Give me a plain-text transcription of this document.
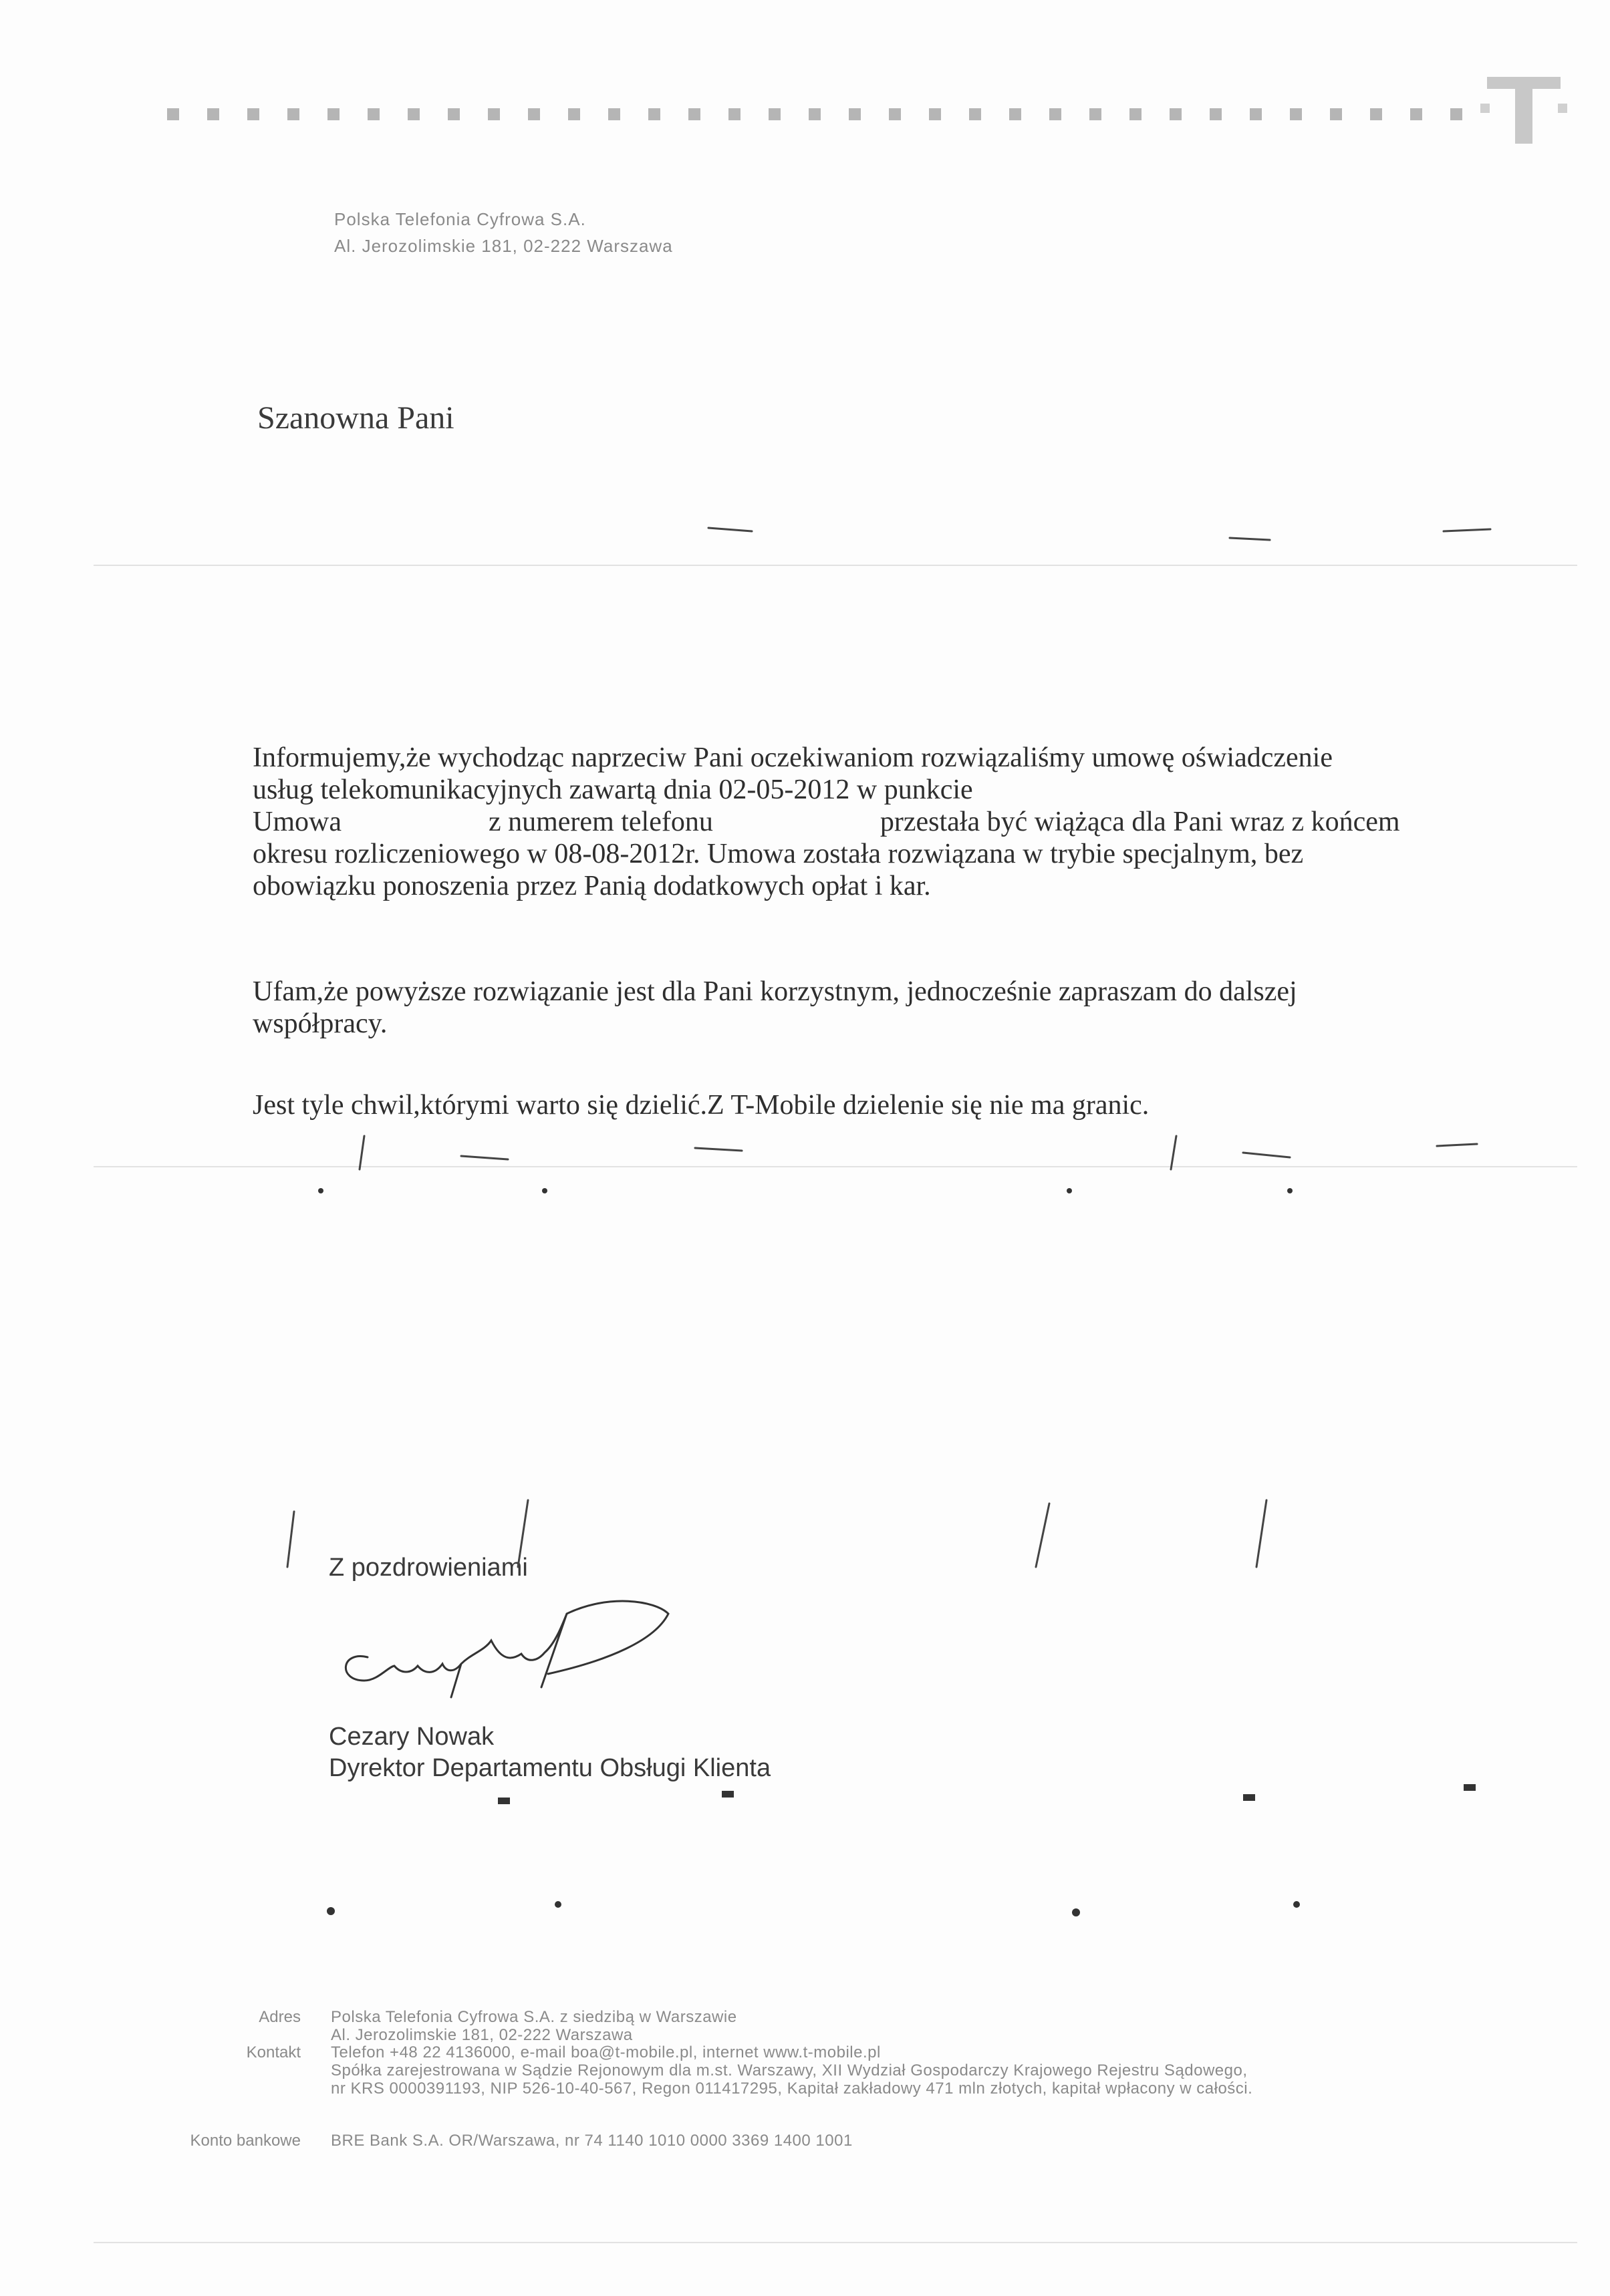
Polska Telefonia Cyfrowa S.A.
Al. Jerozolimskie 181, 02-222 Warszawa
Szanowna Pani

Informujemy,że wychodząc naprzeciw Pani oczekiwaniom rozwiązaliśmy umowę oświadczenie

usług telekomunikacyjnych zawartą dnia 02-05-2012 w punkcie

Umowa	z numerem telefonu	przestała być wiążąca dla Pani wraz z końcem

okresu rozliczeniowego w 08-08-2012r. Umowa została rozwiązana w trybie specjalnym, bez

obowiązku ponoszenia przez Panią dodatkowych opłat i kar.

Ufam,że powyższe rozwiązanie jest dla Pani korzystnym, jednocześnie zapraszam do dalszej

współpracy.

Jest tyle chwil,którymi warto się dzielić.Z T-Mobile dzielenie się nie ma granic.

Z pozdrowieniami
Cezary Nowak
Dyrektor Departamentu Obsługi Klienta
Adres
Kontakt
Konto bankowe
Polska Telefonia Cyfrowa S.A. z siedzibą w Warszawie
Al. Jerozolimskie 181, 02-222 Warszawa
Telefon +48 22 4136000, e-mail boa@t-mobile.pl, internet www.t-mobile.pl
Spółka zarejestrowana w Sądzie Rejonowym dla m.st. Warszawy, XII Wydział Gospodarczy Krajowego Rejestru Sądowego,
nr KRS 0000391193, NIP 526-10-40-567, Regon 011417295, Kapitał zakładowy 471 mln złotych, kapitał wpłacony w całości.
BRE Bank S.A. OR/Warszawa, nr 74 1140 1010 0000 3369 1400 1001
